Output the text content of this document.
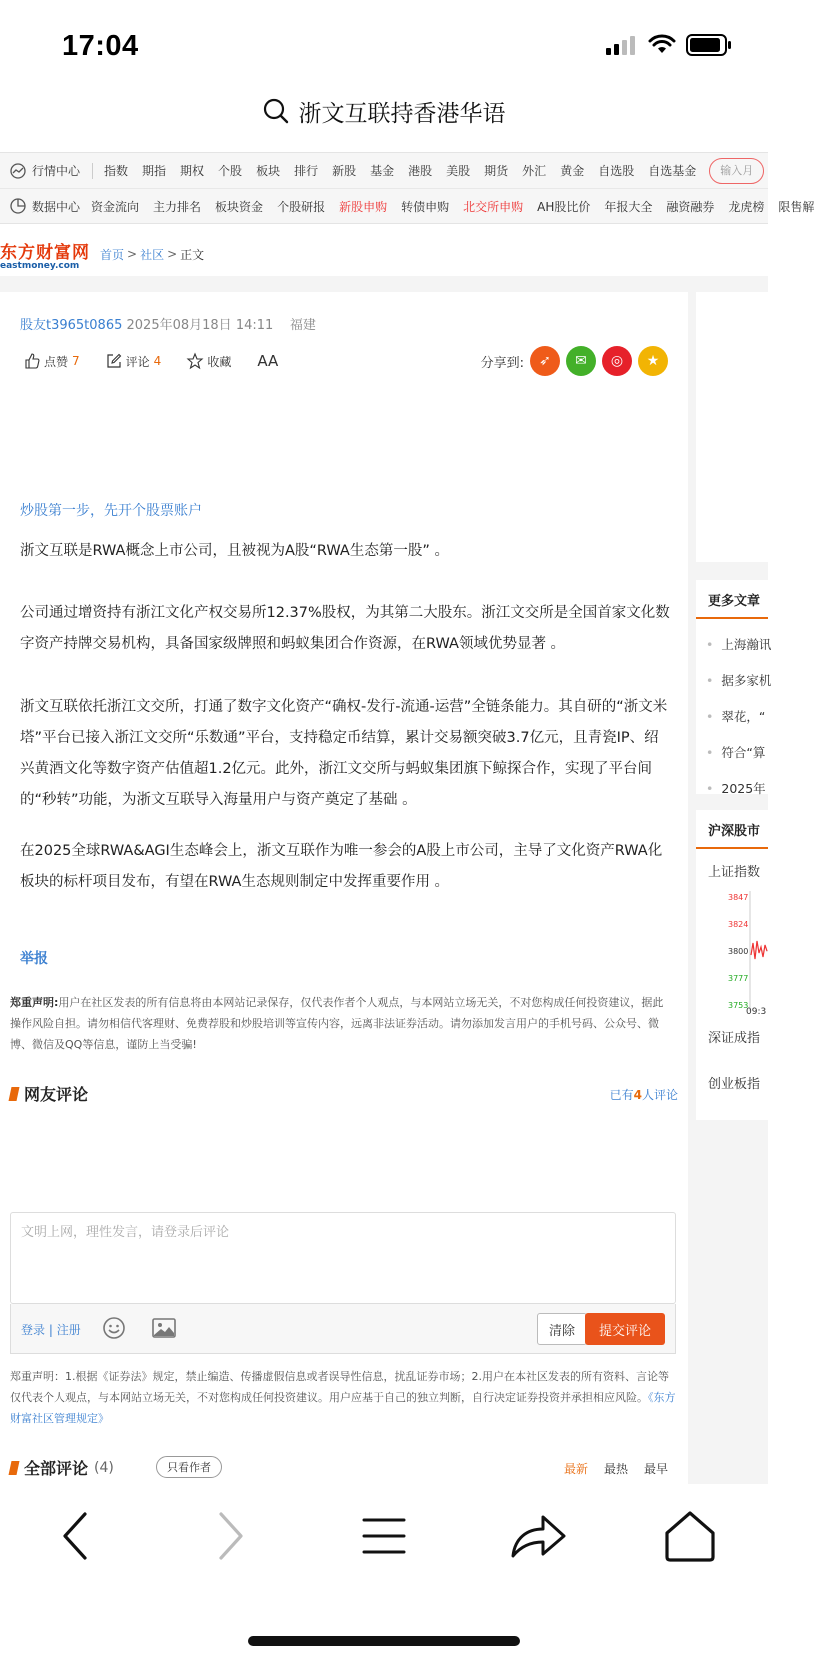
17:04
浙文互联持香港华语
行情中心	指数	期指	期权	个股	板块	排行	新股	基金	港股	美股	期货	外汇	黄金	自选股	自选基金	输入月
数据中心 资金流向	主力排名	板块资金	个股研报	新股申购	转债申购	北交所申购	AH股比价	年报大全	融资融券	龙虎榜	限售解
东方财富网
eastmoney.com
首页 > 社区 > 正文
股友t3965t0865 2025年08月18日 14:11 福建
点赞 7	评论 4	收藏 AA	分享到:	➶	✉	◎	★
炒股第一步，先开个股票账户

浙文互联是RWA概念上市公司，且被视为A股“RWA生态第一股” 。

公司通过增资持有浙江文化产权交易所12.37%股权，为其第二大股东。浙江文交所是全国首家文化数字资产持牌交易机构，具备国家级牌照和蚂蚁集团合作资源，在RWA领域优势显著 。

浙文互联依托浙江文交所，打通了数字文化资产“确权-发行-流通-运营”全链条能力。其自研的“浙文米塔”平台已接入浙江文交所“乐数通”平台，支持稳定币结算，累计交易额突破3.7亿元，且青瓷IP、绍兴黄酒文化等数字资产估值超1.2亿元。此外，浙江文交所与蚂蚁集团旗下鲸探合作，实现了平台间的“秒转”功能，为浙文互联导入海量用户与资产奠定了基础 。

在2025全球RWA&AGI生态峰会上，浙文互联作为唯一参会的A股上市公司，主导了文化资产RWA化板块的标杆项目发布，有望在RWA生态规则制定中发挥重要作用 。

举报
郑重声明:用户在社区发表的所有信息将由本网站记录保存，仅代表作者个人观点，与本网站立场无关，不对您构成任何投资建议，据此操作风险自担。请勿相信代客理财、免费荐股和炒股培训等宣传内容，远离非法证券活动。请勿添加发言用户的手机号码、公众号、微博、微信及QQ等信息，谨防上当受骗!
网友评论	已有4人评论
文明上网，理性发言，请登录后评论
登录 | 注册	清除	提交评论
郑重声明：1.根据《证券法》规定，禁止编造、传播虚假信息或者误导性信息，扰乱证券市场；2.用户在本社区发表的所有资料、言论等仅代表个人观点，与本网站立场无关，不对您构成任何投资建议。用户应基于自己的独立判断，自行决定证券投资并承担相应风险。《东方财富社区管理规定》
全部评论 (4)	只看作者	最新 最热 最早
更多文章
• 上海瀚讯
• 据多家机
• 翠花，“
• 符合“算
• 2025年
沪深股市
上证指数
3847
3824
3800
3777
3753
09:3
深证成指
创业板指
